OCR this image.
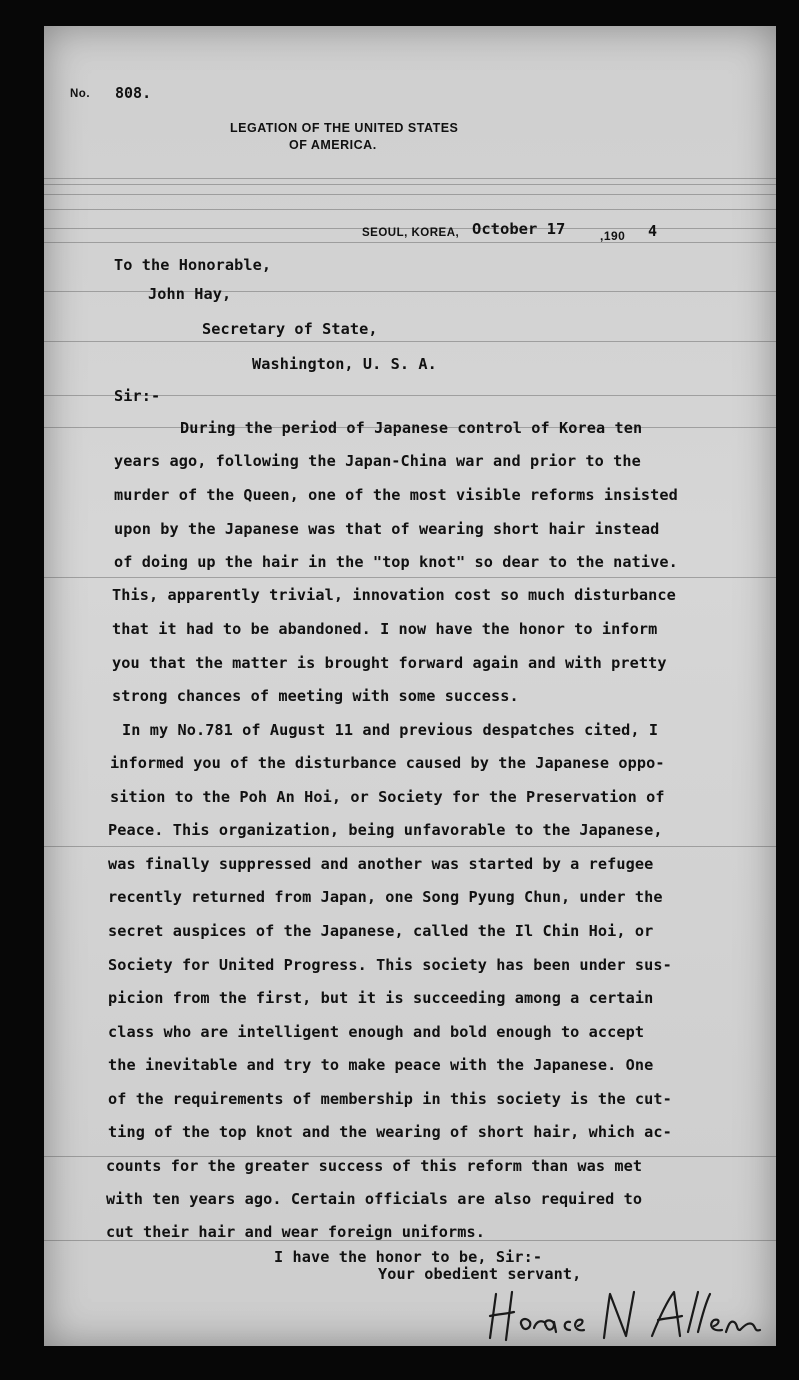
No. 808.
LEGATION OF THE UNITED STATES
OF AMERICA.
SEOUL, KOREA, October 17	,190 4
To the Honorable,
John Hay,
Secretary of State,
Washington, U. S. A.
Sir:-
During the period of Japanese control of Korea ten
years ago, following the Japan-China war and prior to the
murder of the Queen, one of the most visible reforms insisted
upon by the Japanese was that of wearing short hair instead
of doing up the hair in the "top knot" so dear to the native.
This, apparently trivial, innovation cost so much disturbance
that it had to be abandoned. I now have the honor to inform
you that the matter is brought forward again and with pretty
strong chances of meeting with some success.
In my No.781 of August 11 and previous despatches cited, I
informed you of the disturbance caused by the Japanese oppo-
sition to the Poh An Hoi, or Society for the Preservation of
Peace. This organization, being unfavorable to the Japanese,
was finally suppressed and another was started by a refugee
recently returned from Japan, one Song Pyung Chun, under the
secret auspices of the Japanese, called the Il Chin Hoi, or
Society for United Progress. This society has been under sus-
picion from the first, but it is succeeding among a certain
class who are intelligent enough and bold enough to accept
the inevitable and try to make peace with the Japanese. One
of the requirements of membership in this society is the cut-
ting of the top knot and the wearing of short hair, which ac-
counts for the greater success of this reform than was met
with ten years ago. Certain officials are also required to
cut their hair and wear foreign uniforms.
I have the honor to be, Sir:-
Your obedient servant,
